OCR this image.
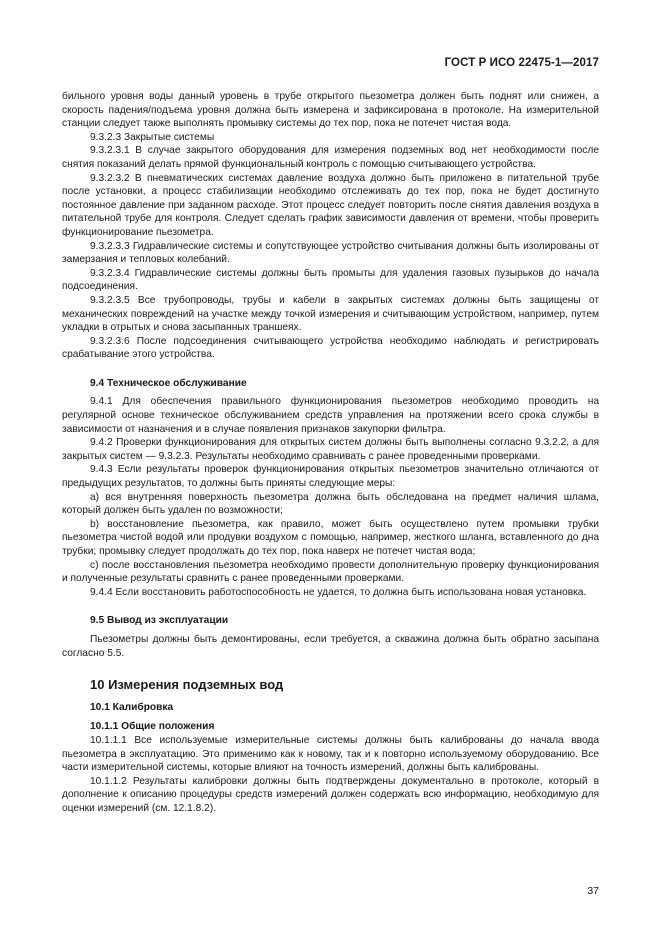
ГОСТ Р ИСО 22475-1—2017

бильного уровня воды данный уровень в трубе открытого пьезометра должен быть поднят или снижен, а скорость падения/подъема уровня должна быть измерена и зафиксирована в протоколе. На измерительной станции следует также выполнять промывку системы до тех пор, пока не потечет чистая вода.

9.3.2.3 Закрытые системы

9.3.2.3.1 В случае закрытого оборудования для измерения подземных вод нет необходимости после снятия показаний делать прямой функциональный контроль с помощью считывающего устройства.

9.3.2.3.2 В пневматических системах давление воздуха должно быть приложено в питательной трубе после установки, а процесс стабилизации необходимо отслеживать до тех пор, пока не будет достигнуто постоянное давление при заданном расходе. Этот процесс следует повторить после снятия давления воздуха в питательной трубе для контроля. Следует сделать график зависимости давления от времени, чтобы проверить функционирование пьезометра.

9.3.2.3.3 Гидравлические системы и сопутствующее устройство считывания должны быть изолированы от замерзания и тепловых колебаний.

9.3.2.3.4 Гидравлические системы должны быть промыты для удаления газовых пузырьков до начала подсоединения.

9.3.2.3.5 Все трубопроводы, трубы и кабели в закрытых системах должны быть защищены от механических повреждений на участке между точкой измерения и считывающим устройством, например, путем укладки в отрытых и снова засыпанных траншеях.

9.3.2.3.6 После подсоединения считывающего устройства необходимо наблюдать и регистрировать срабатывание этого устройства.

9.4 Техническое обслуживание

9.4.1 Для обеспечения правильного функционирования пьезометров необходимо проводить на регулярной основе техническое обслуживанием средств управления на протяжении всего срока службы в зависимости от назначения и в случае появления признаков закупорки фильтра.

9.4.2 Проверки функционирования для открытых систем должны быть выполнены согласно 9.3.2.2, а для закрытых систем — 9.3.2.3. Результаты необходимо сравнивать с ранее проведенными проверками.

9.4.3 Если результаты проверок функционирования открытых пьезометров значительно отличаются от предыдущих результатов, то должны быть приняты следующие меры:

a) вся внутренняя поверхность пьезометра должна быть обследована на предмет наличия шлама, который должен быть удален по возможности;

b) восстановление пьезометра, как правило, может быть осуществлено путем промывки трубки пьезометра чистой водой или продувки воздухом с помощью, например, жесткого шланга, вставленного до дна трубки; промывку следует продолжать до тех пор, пока наверх не потечет чистая вода;

c) после восстановления пьезометра необходимо провести дополнительную проверку функционирования и полученные результаты сравнить с ранее проведенными проверками.

9.4.4 Если восстановить работоспособность не удается, то должна быть использована новая установка.

9.5 Вывод из эксплуатации

Пьезометры должны быть демонтированы, если требуется, а скважина должна быть обратно засыпана согласно 5.5.

10 Измерения подземных вод

10.1 Калибровка

10.1.1 Общие положения

10.1.1.1 Все используемые измерительные системы должны быть калиброваны до начала ввода пьезометра в эксплуатацию. Это применимо как к новому, так и к повторно используемому оборудованию. Все части измерительной системы, которые влияют на точность измерений, должны быть калиброваны.

10.1.1.2 Результаты калибровки должны быть подтверждены документально в протоколе, который в дополнение к описанию процедуры средств измерений должен содержать всю информацию, необходимую для оценки измерений (см. 12.1.8.2).

37
